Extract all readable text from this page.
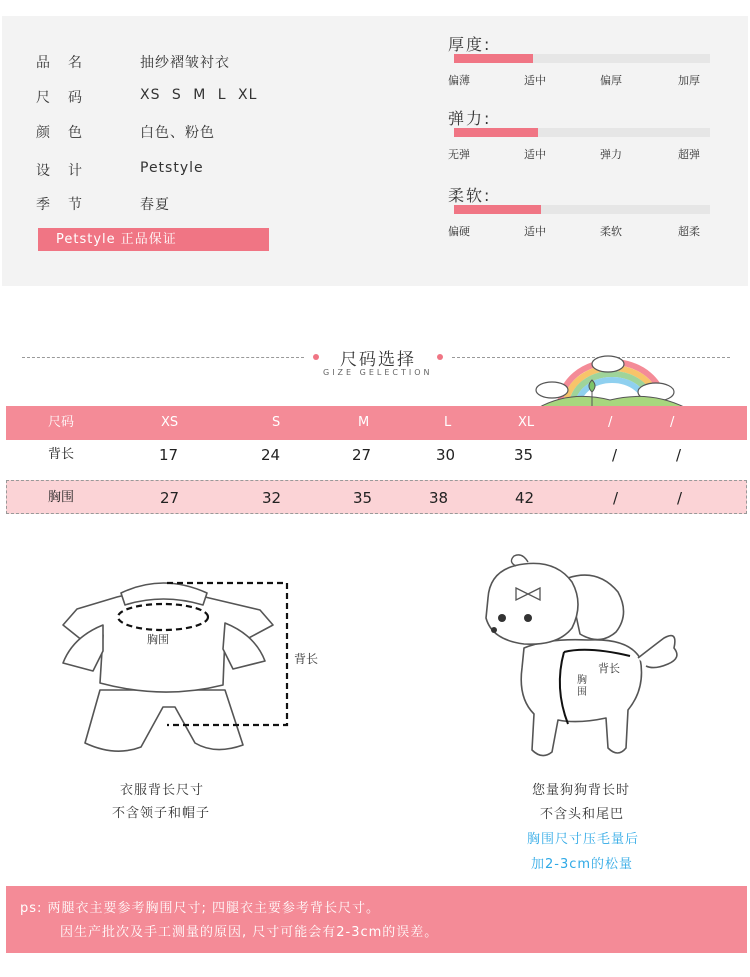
品名	抽纱褶皱衬衣
尺码	XS S M L XL
颜色	白色、粉色
设计	Petstyle
季节	春夏
Petstyle 正品保证
厚度:
偏薄	适中	偏厚	加厚
弹力:
无弹	适中	弹力	超弹
柔软:
偏硬	适中	柔软	超柔
尺码选择
GIZE GELECTION
尺码	XS	S	M	L	XL	/	/
背长	17	24	27	30	35	/	/
胸围	27	32	35	38	42	/	/
胸围
背长
衣服背长尺寸
不含领子和帽子
背长
胸围
您量狗狗背长时
不含头和尾巴
胸围尺寸压毛量后
加2-3cm的松量

ps: 两腿衣主要参考胸围尺寸; 四腿衣主要参考背长尺寸。

因生产批次及手工测量的原因, 尺寸可能会有2-3cm的误差。
